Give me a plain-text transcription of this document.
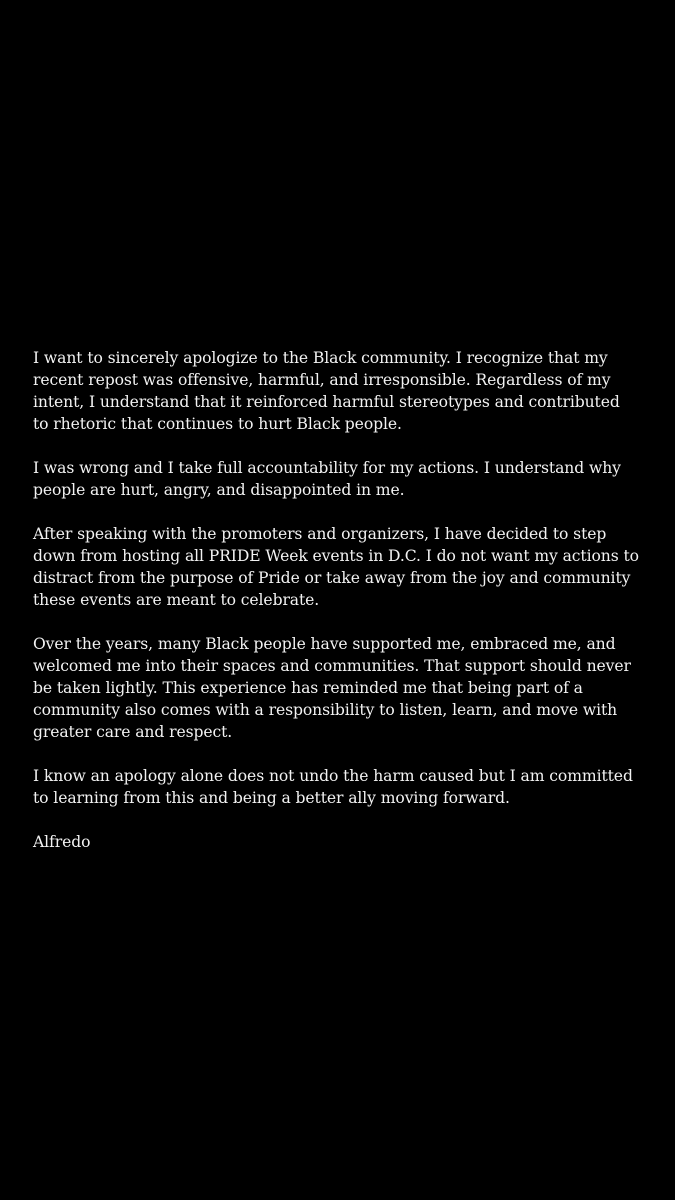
I want to sincerely apologize to the Black community. I recognize that my
recent repost was offensive, harmful, and irresponsible. Regardless of my
intent, I understand that it reinforced harmful stereotypes and contributed
to rhetoric that continues to hurt Black people.

I was wrong and I take full accountability for my actions. I understand why
people are hurt, angry, and disappointed in me.

After speaking with the promoters and organizers, I have decided to step
down from hosting all PRIDE Week events in D.C. I do not want my actions to
distract from the purpose of Pride or take away from the joy and community
these events are meant to celebrate.

Over the years, many Black people have supported me, embraced me, and
welcomed me into their spaces and communities. That support should never
be taken lightly. This experience has reminded me that being part of a
community also comes with a responsibility to listen, learn, and move with
greater care and respect.

I know an apology alone does not undo the harm caused but I am committed
to learning from this and being a better ally moving forward.

Alfredo
